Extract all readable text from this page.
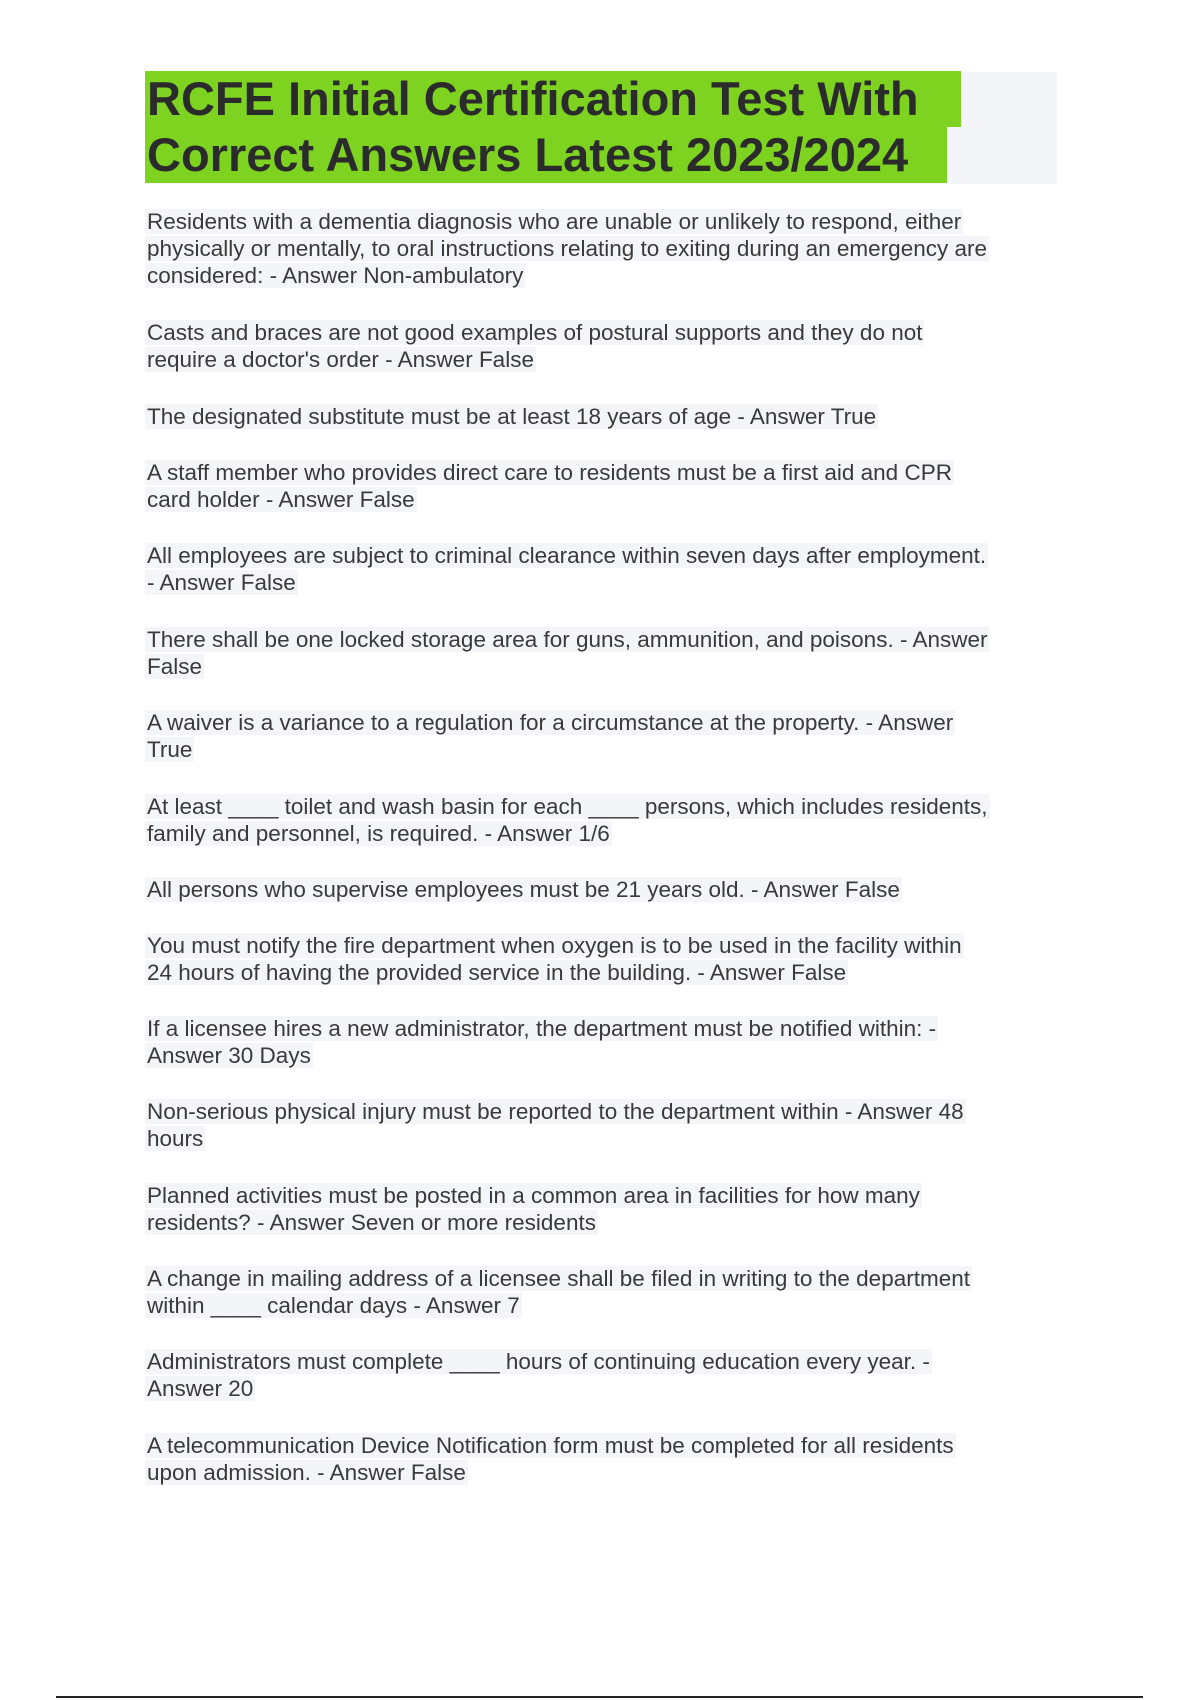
RCFE Initial Certification Test With
Correct Answers Latest 2023/2024
Residents with a dementia diagnosis who are unable or unlikely to respond, either
physically or mentally, to oral instructions relating to exiting during an emergency are
considered: - Answer Non-ambulatory
Casts and braces are not good examples of postural supports and they do not
require a doctor's order - Answer False
The designated substitute must be at least 18 years of age - Answer True
A staff member who provides direct care to residents must be a first aid and CPR
card holder - Answer False
All employees are subject to criminal clearance within seven days after employment.
- Answer False
There shall be one locked storage area for guns, ammunition, and poisons. - Answer
False
A waiver is a variance to a regulation for a circumstance at the property. - Answer
True
At least ____ toilet and wash basin for each ____ persons, which includes residents,
family and personnel, is required. - Answer 1/6
All persons who supervise employees must be 21 years old. - Answer False
You must notify the fire department when oxygen is to be used in the facility within
24 hours of having the provided service in the building. - Answer False
If a licensee hires a new administrator, the department must be notified within: -
Answer 30 Days
Non-serious physical injury must be reported to the department within - Answer 48
hours
Planned activities must be posted in a common area in facilities for how many
residents? - Answer Seven or more residents
A change in mailing address of a licensee shall be filed in writing to the department
within ____ calendar days - Answer 7
Administrators must complete ____ hours of continuing education every year. -
Answer 20
A telecommunication Device Notification form must be completed for all residents
upon admission. - Answer False
